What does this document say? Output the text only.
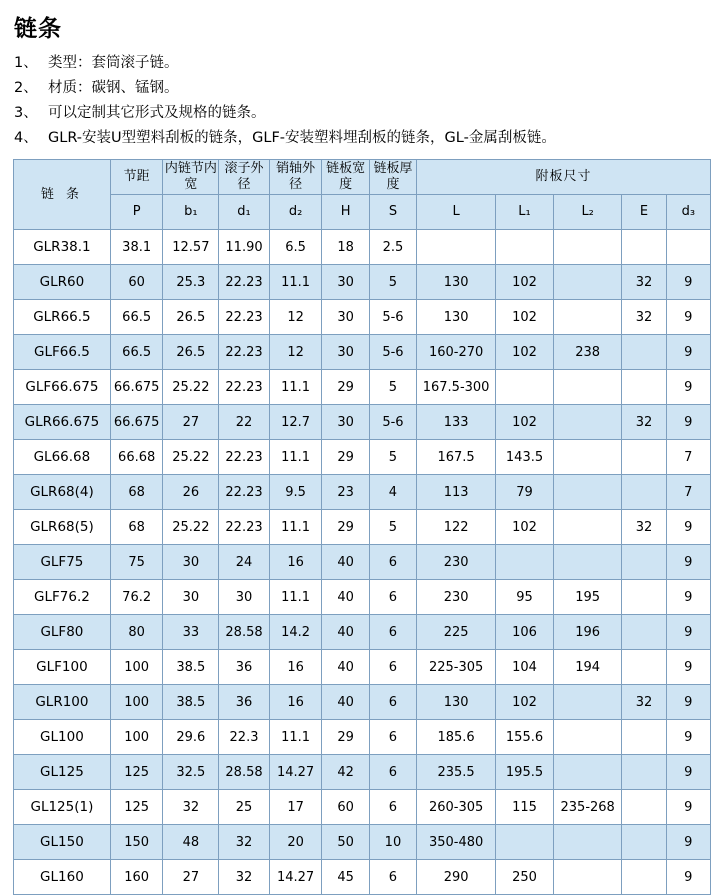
链条
1、 类型：套筒滚子链。
2、 材质：碳钢、锰钢。
3、 可以定制其它形式及规格的链条。
4、 GLR-安装U型塑料刮板的链条，GLF-安装塑料埋刮板的链条，GL-金属刮板链。
链 条	节距	内链节内宽	滚子外径	销轴外径	链板宽度	链板厚度	附板尺寸				
	P	b₁	d₁	d₂	H	S	L	L₁	L₂	E	d₃
GLR38.1	38.1	12.57	11.90	6.5	18	2.5					
GLR60	60	25.3	22.23	11.1	30	5	130	102		32	9
GLR66.5	66.5	26.5	22.23	12	30	5-6	130	102		32	9
GLF66.5	66.5	26.5	22.23	12	30	5-6	160-270	102	238		9
GLF66.675	66.675	25.22	22.23	11.1	29	5	167.5-300				9
GLR66.675	66.675	27	22	12.7	30	5-6	133	102		32	9
GL66.68	66.68	25.22	22.23	11.1	29	5	167.5	143.5			7
GLR68(4)	68	26	22.23	9.5	23	4	113	79			7
GLR68(5)	68	25.22	22.23	11.1	29	5	122	102		32	9
GLF75	75	30	24	16	40	6	230				9
GLF76.2	76.2	30	30	11.1	40	6	230	95	195		9
GLF80	80	33	28.58	14.2	40	6	225	106	196		9
GLF100	100	38.5	36	16	40	6	225-305	104	194		9
GLR100	100	38.5	36	16	40	6	130	102		32	9
GL100	100	29.6	22.3	11.1	29	6	185.6	155.6			9
GL125	125	32.5	28.58	14.27	42	6	235.5	195.5			9
GL125(1)	125	32	25	17	60	6	260-305	115	235-268		9
GL150	150	48	32	20	50	10	350-480				9
GL160	160	27	32	14.27	45	6	290	250			9
